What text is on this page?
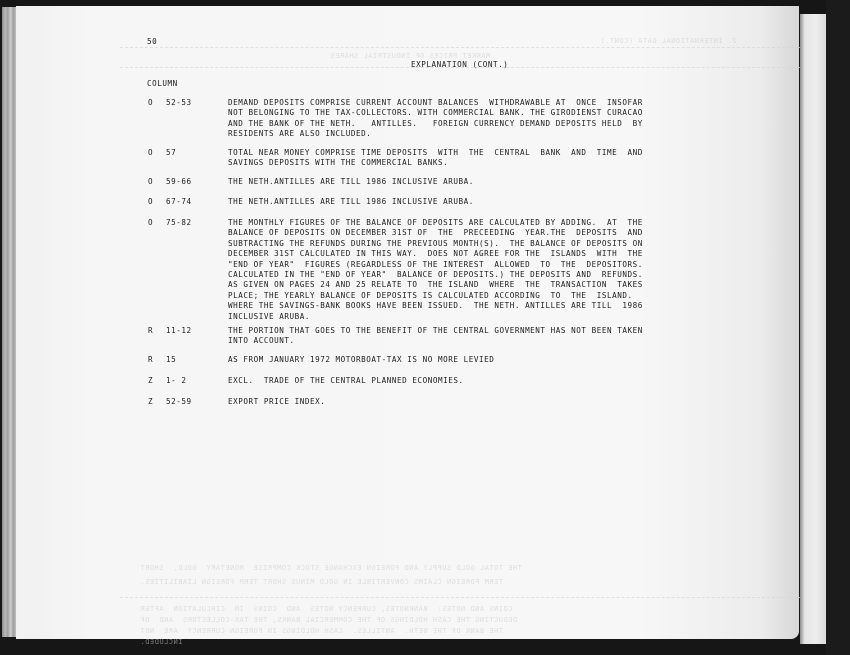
2. INTERNATIONAL DATA (CONT.)
MARKET PRICES OF INDUSTRIAL SHARES
THE TOTAL GOLD SUPPLY AND FOREIGN EXCHANGE STOCK COMPRISE  MONETARY  GOLD,  SHORT
TERM FOREIGN CLAIMS CONVERTIBLE IN GOLD MINUS SHORT TERM FOREIGN LIABILITIES.
COINS AND NOTES:  BANKNOTES, CURRENCY NOTES  AND  COINS  IN  CIRCULATION  AFTER
DEDUCTING THE CASH HOLDINGS OF THE COMMERCIAL BANKS, THE TAX-COLLECTORS  AND  OF
THE BANK OF THE NETH.  ANTILLES.  CASH HOLDINGS IN FOREIGN CURRENCY  ARE  NOT
INCLUDED.
50
EXPLANATION (CONT.)
COLUMN
O 52-53	DEMAND DEPOSITS COMPRISE CURRENT ACCOUNT BALANCES  WITHDRAWABLE AT  ONCE  INSOFAR
NOT BELONGING TO THE TAX-COLLECTORS. WITH COMMERCIAL BANK. THE GIRODIENST CURACAO
AND THE BANK OF THE NETH.   ANTILLES.   FOREIGN CURRENCY DEMAND DEPOSITS HELD  BY
RESIDENTS ARE ALSO INCLUDED.
O 57	TOTAL NEAR MONEY COMPRISE TIME DEPOSITS  WITH  THE  CENTRAL  BANK  AND  TIME  AND
SAVINGS DEPOSITS WITH THE COMMERCIAL BANKS.
O 59-66	THE NETH.ANTILLES ARE TILL 1986 INCLUSIVE ARUBA.
O 67-74	THE NETH.ANTILLES ARE TILL 1986 INCLUSIVE ARUBA.
O 75-82	THE MONTHLY FIGURES OF THE BALANCE OF DEPOSITS ARE CALCULATED BY ADDING.  AT  THE
BALANCE OF DEPOSITS ON DECEMBER 31ST OF  THE  PRECEEDING  YEAR.THE  DEPOSITS  AND
SUBTRACTING THE REFUNDS DURING THE PREVIOUS MONTH(S).  THE BALANCE OF DEPOSITS ON
DECEMBER 31ST CALCULATED IN THIS WAY.  DOES NOT AGREE FOR THE  ISLANDS  WITH  THE
"END OF YEAR"  FIGURES (REGARDLESS OF THE INTEREST  ALLOWED  TO  THE  DEPOSITORS.
CALCULATED IN THE "END OF YEAR"  BALANCE OF DEPOSITS.) THE DEPOSITS AND  REFUNDS.
AS GIVEN ON PAGES 24 AND 25 RELATE TO  THE ISLAND  WHERE  THE  TRANSACTION  TAKES
PLACE; THE YEARLY BALANCE OF DEPOSITS IS CALCULATED ACCORDING  TO  THE  ISLAND.
WHERE THE SAVINGS-BANK BOOKS HAVE BEEN ISSUED.  THE NETH. ANTILLES ARE TILL  1986
INCLUSIVE ARUBA.
R 11-12	THE PORTION THAT GOES TO THE BENEFIT OF THE CENTRAL GOVERNMENT HAS NOT BEEN TAKEN
INTO ACCOUNT.
R 15	AS FROM JANUARY 1972 MOTORBOAT-TAX IS NO MORE LEVIED
Z 1- 2	EXCL.  TRADE OF THE CENTRAL PLANNED ECONOMIES.
Z 52-59	EXPORT PRICE INDEX.
